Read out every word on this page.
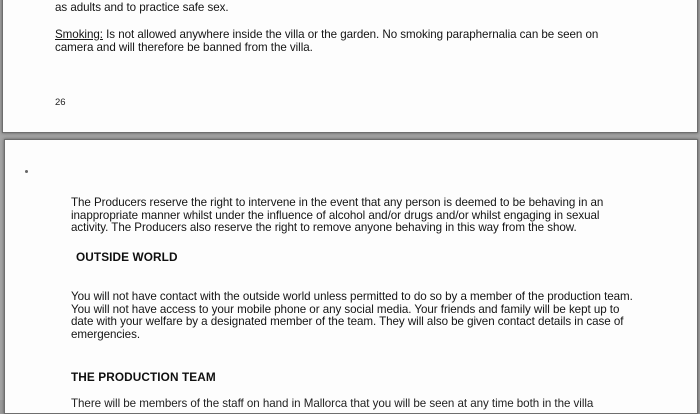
as adults and to practice safe sex.
Smoking: Is not allowed anywhere inside the villa or the garden. No smoking paraphernalia can be seen on
camera and will therefore be banned from the villa.
26
The Producers reserve the right to intervene in the event that any person is deemed to be behaving in an
inappropriate manner whilst under the influence of alcohol and/or drugs and/or whilst engaging in sexual
activity. The Producers also reserve the right to remove anyone behaving in this way from the show.
OUTSIDE WORLD
You will not have contact with the outside world unless permitted to do so by a member of the production team.
You will not have access to your mobile phone or any social media. Your friends and family will be kept up to
date with your welfare by a designated member of the team. They will also be given contact details in case of
emergencies.
THE PRODUCTION TEAM
There will be members of the staff on hand in Mallorca that you will be seen at any time both in the villa
